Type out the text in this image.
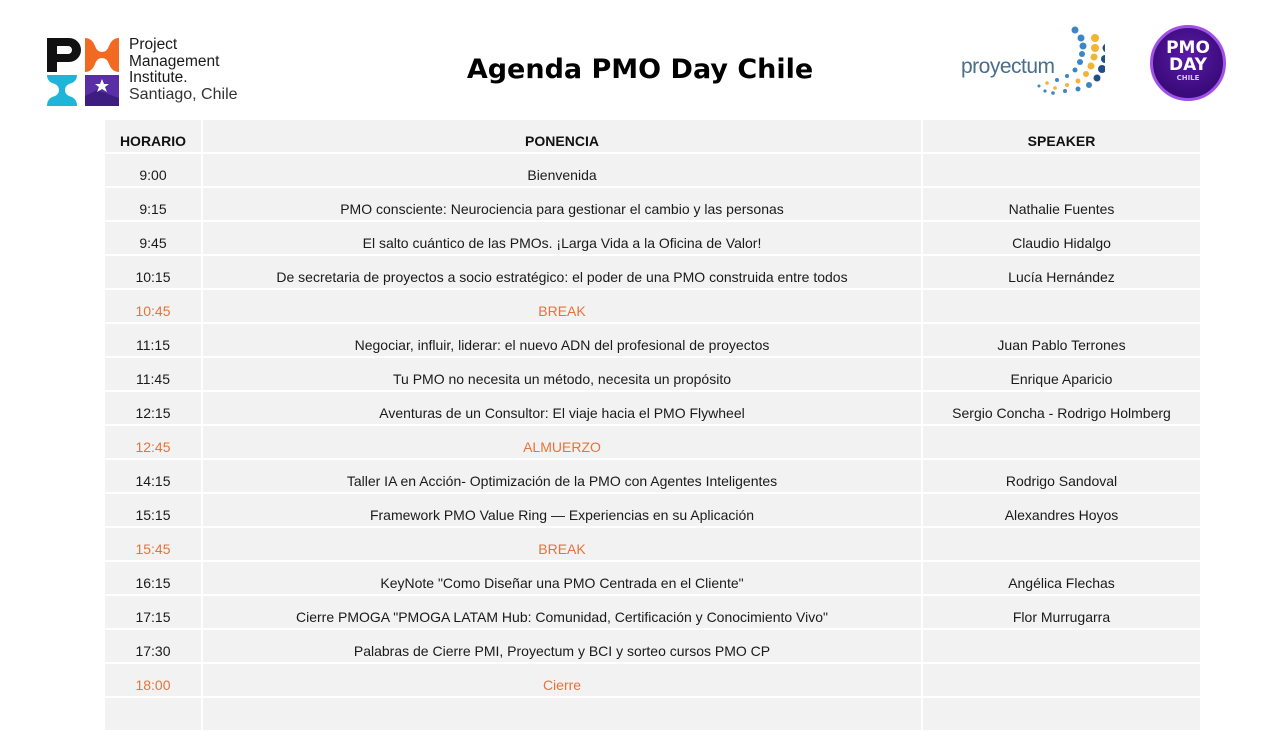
Project
Management
Institute.
Santiago, Chile
Agenda PMO Day Chile	proyectum
PMO
DAY
CHILE
HORARIO	PONENCIA	SPEAKER
9:00	Bienvenida	
9:15	PMO consciente: Neurociencia para gestionar el cambio y las personas	Nathalie Fuentes
9:45	El salto cuántico de las PMOs. ¡Larga Vida a la Oficina de Valor!	Claudio Hidalgo
10:15	De secretaria de proyectos a socio estratégico: el poder de una PMO construida entre todos	Lucía Hernández
10:45	BREAK	
11:15	Negociar, influir, liderar: el nuevo ADN del profesional de proyectos	Juan Pablo Terrones
11:45	Tu PMO no necesita un método, necesita un propósito	Enrique Aparicio
12:15	Aventuras de un Consultor: El viaje hacia el PMO Flywheel	Sergio Concha - Rodrigo Holmberg
12:45	ALMUERZO	
14:15	Taller IA en Acción- Optimización de la PMO con Agentes Inteligentes	Rodrigo Sandoval
15:15	Framework PMO Value Ring — Experiencias en su Aplicación	Alexandres Hoyos
15:45	BREAK	
16:15	KeyNote "Como Diseñar una PMO Centrada en el Cliente"	Angélica Flechas
17:15	Cierre PMOGA "PMOGA LATAM Hub: Comunidad, Certificación y Conocimiento Vivo"	Flor Murrugarra
17:30	Palabras de Cierre PMI, Proyectum y BCI y sorteo cursos PMO CP	
18:00	Cierre	
